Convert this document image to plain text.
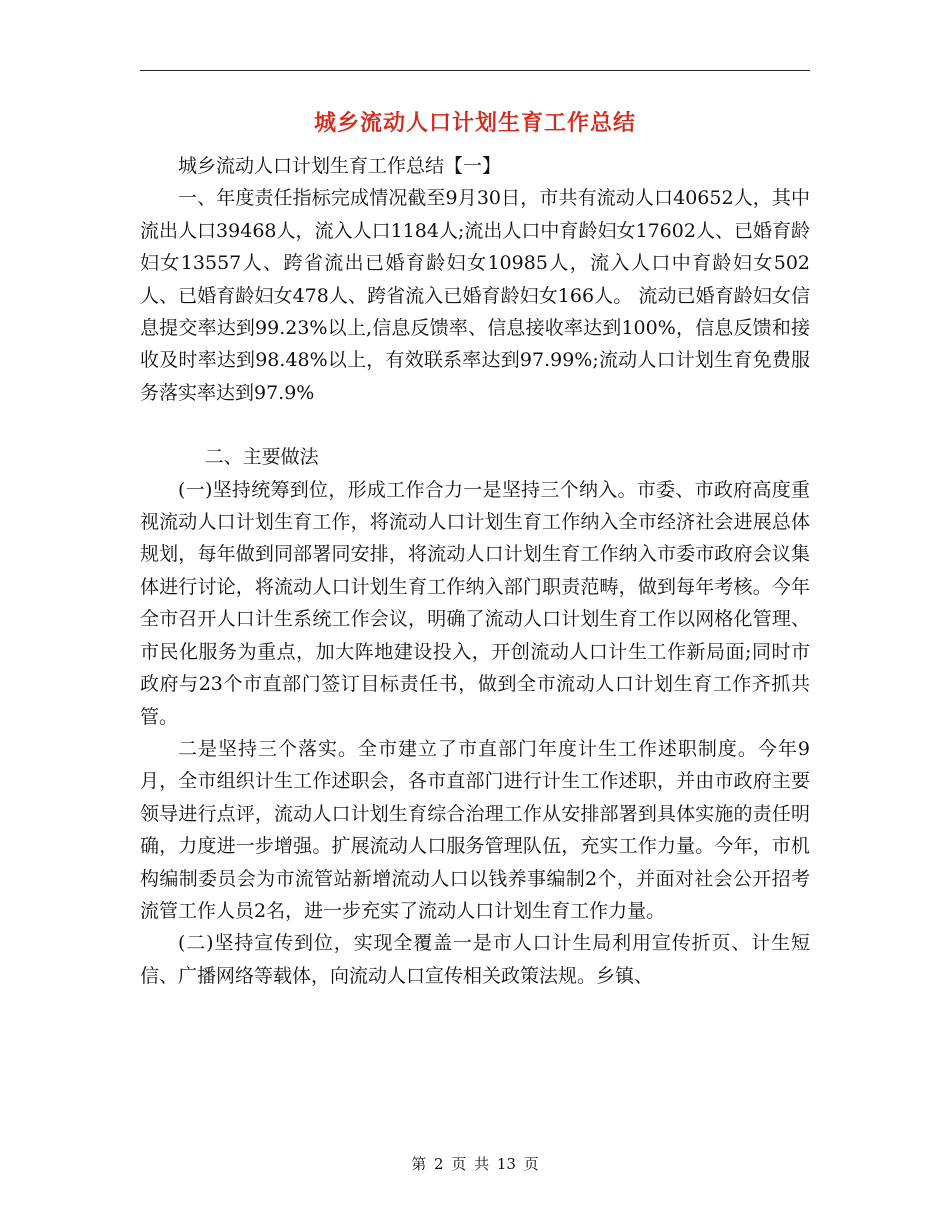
城乡流动人口计划生育工作总结

城乡流动人口计划生育工作总结【一】

一、年度责任指标完成情况截至9月30日，市共有流动人口40652人，其中流出人口39468人，流入人口1184人;流出人口中育龄妇女17602人、已婚育龄妇女13557人、跨省流出已婚育龄妇女10985人，流入人口中育龄妇女502人、已婚育龄妇女478人、跨省流入已婚育龄妇女166人。 流动已婚育龄妇女信息提交率达到99.23%以上,信息反馈率、信息接收率达到100%，信息反馈和接收及时率达到98.48%以上，有效联系率达到97.99%;流动人口计划生育免费服务落实率达到97.9%

二、主要做法

(一)坚持统筹到位，形成工作合力一是坚持三个纳入。市委、市政府高度重视流动人口计划生育工作，将流动人口计划生育工作纳入全市经济社会进展总体规划，每年做到同部署同安排，将流动人口计划生育工作纳入市委市政府会议集体进行讨论，将流动人口计划生育工作纳入部门职责范畴，做到每年考核。今年全市召开人口计生系统工作会议，明确了流动人口计划生育工作以网格化管理、市民化服务为重点，加大阵地建设投入，开创流动人口计生工作新局面;同时市政府与23个市直部门签订目标责任书，做到全市流动人口计划生育工作齐抓共管。

二是坚持三个落实。全市建立了市直部门年度计生工作述职制度。今年9月，全市组织计生工作述职会，各市直部门进行计生工作述职，并由市政府主要领导进行点评，流动人口计划生育综合治理工作从安排部署到具体实施的责任明确，力度进一步增强。扩展流动人口服务管理队伍，充实工作力量。今年，市机构编制委员会为市流管站新增流动人口以钱养事编制2个，并面对社会公开招考流管工作人员2名，进一步充实了流动人口计划生育工作力量。

(二)坚持宣传到位，实现全覆盖一是市人口计生局利用宣传折页、计生短信、广播网络等载体，向流动人口宣传相关政策法规。乡镇、

第 2 页 共 13 页
